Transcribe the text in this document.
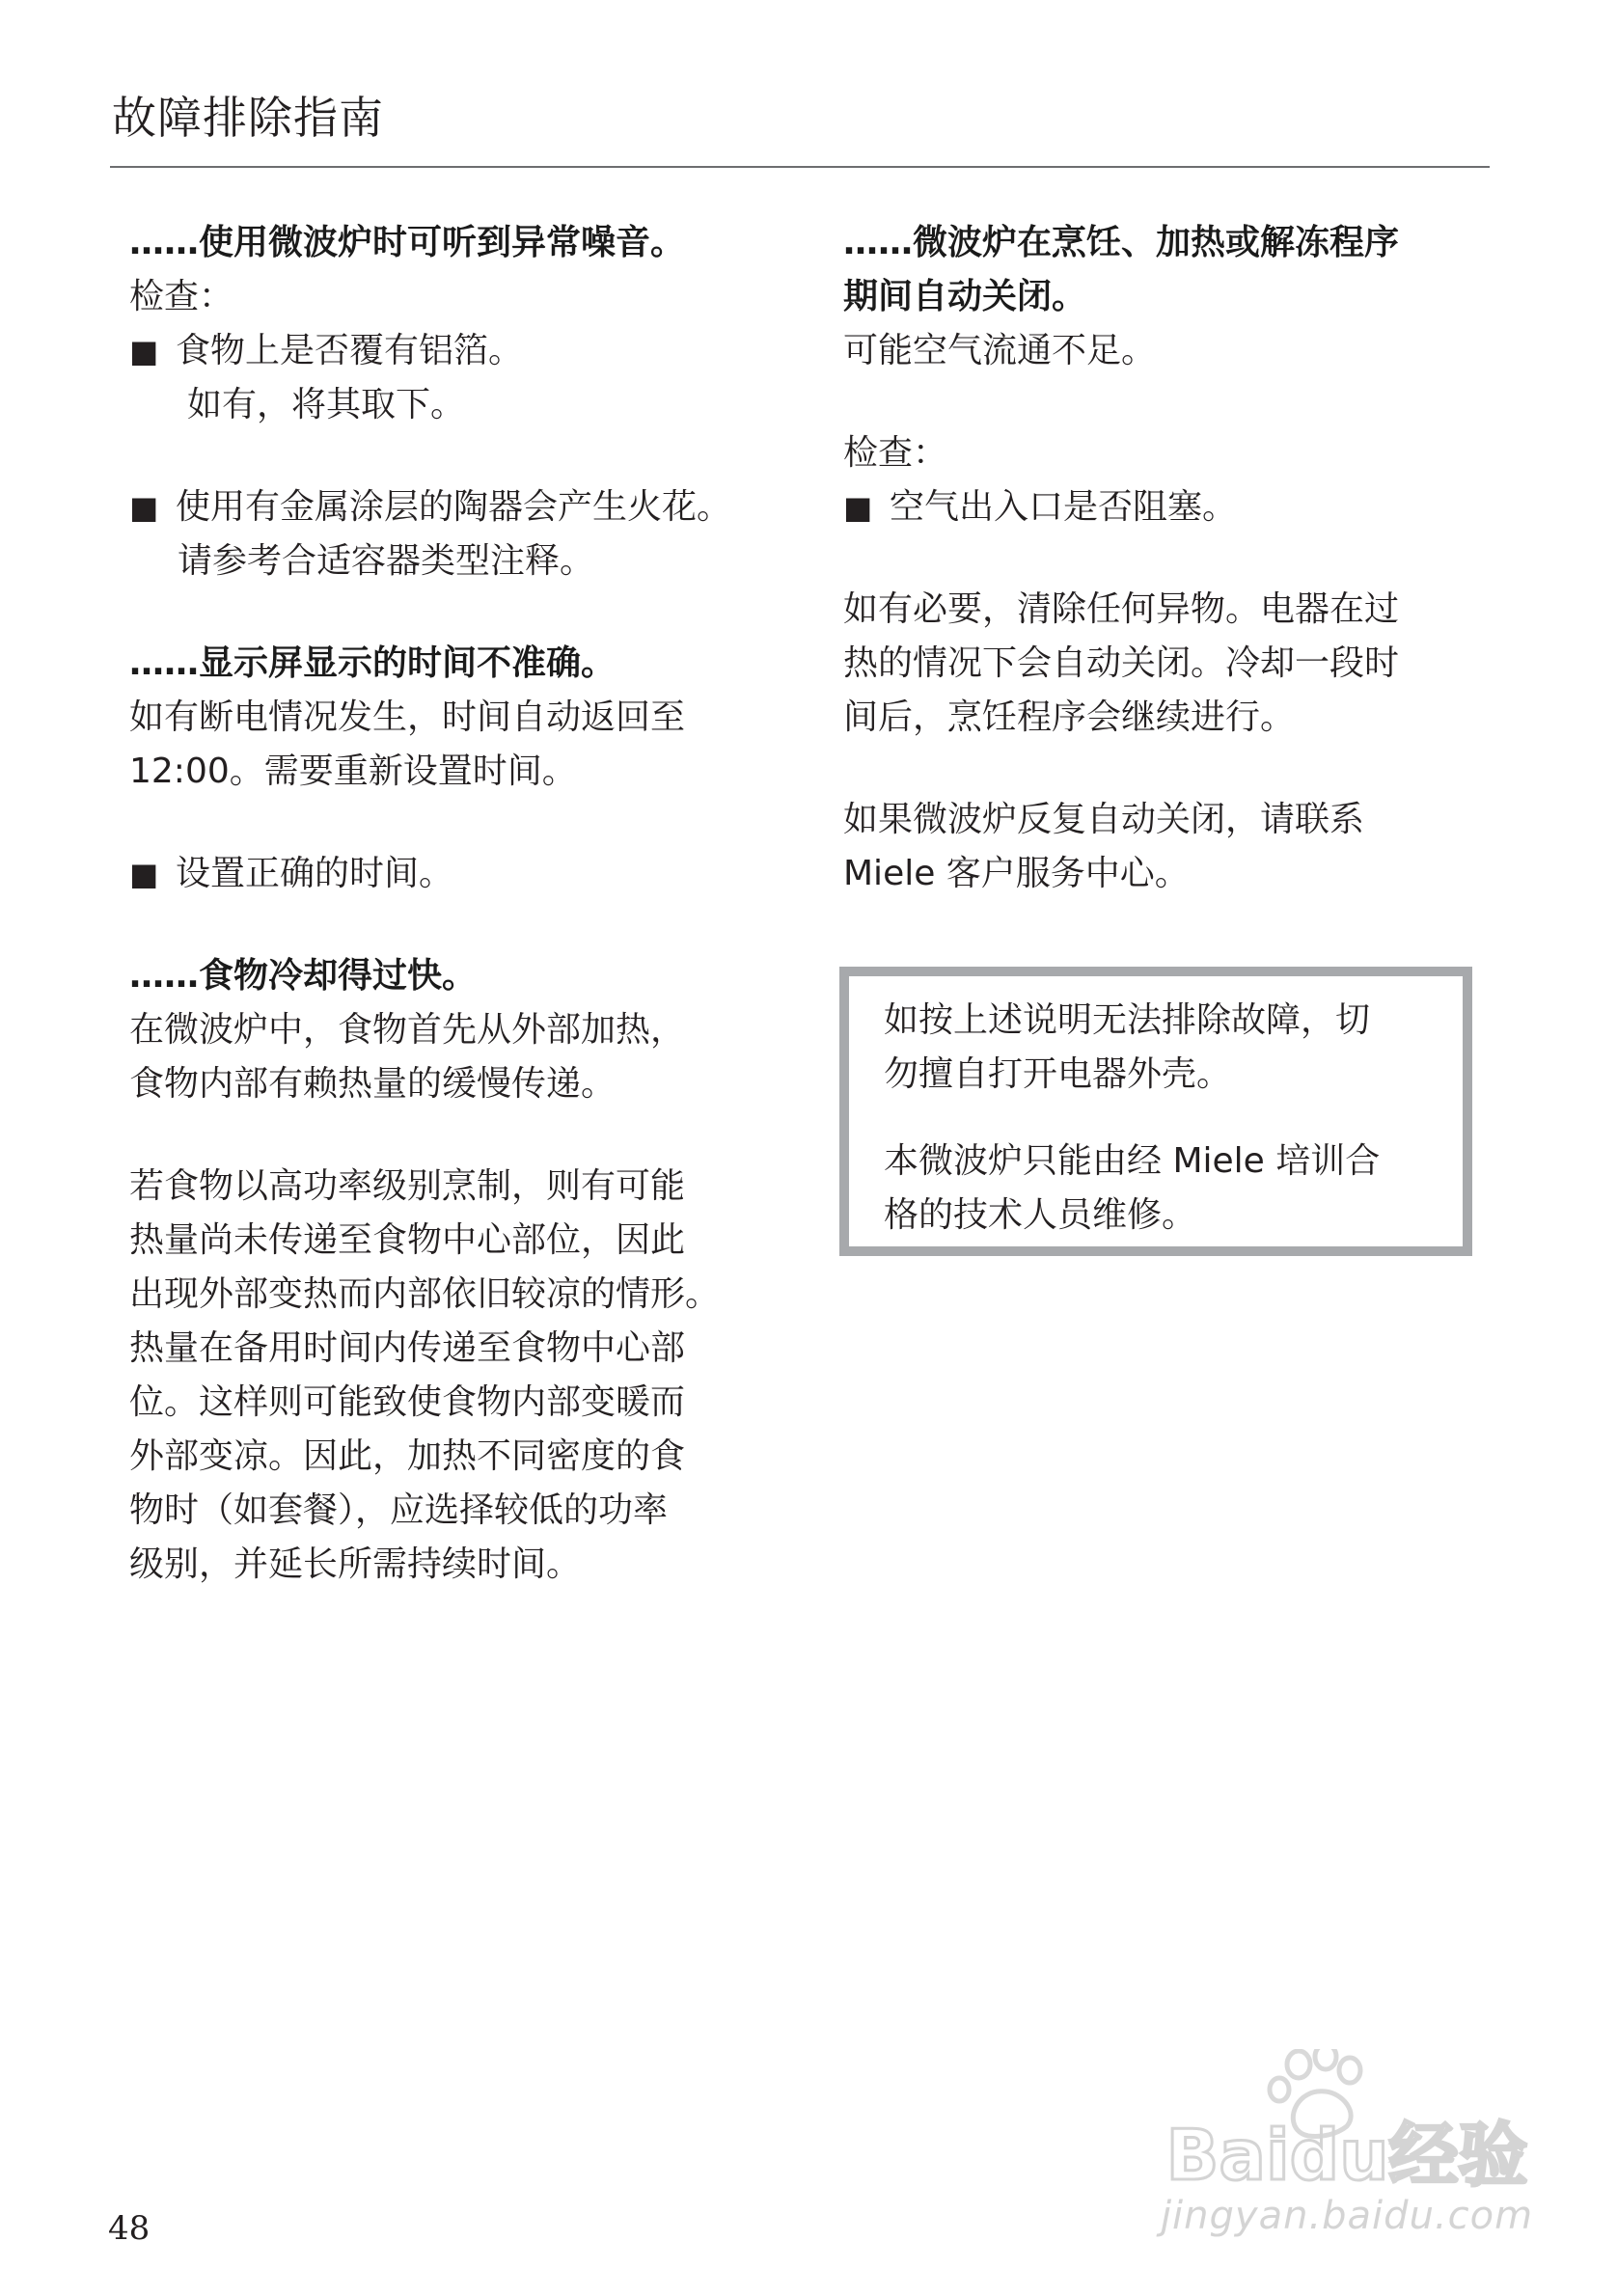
故障排除指南

……使用微波炉时可听到异常噪音。

检查：

■ 食物上是否覆有铝箔。

如有，将其取下。

■ 使用有金属涂层的陶器会产生火花。

请参考合适容器类型注释。

……显示屏显示的时间不准确。

如有断电情况发生，时间自动返回至

12:00。需要重新设置时间。

■ 设置正确的时间。

……食物冷却得过快。

在微波炉中，食物首先从外部加热，

食物内部有赖热量的缓慢传递。

若食物以高功率级别烹制，则有可能

热量尚未传递至食物中心部位，因此

出现外部变热而内部依旧较凉的情形。

热量在备用时间内传递至食物中心部

位。这样则可能致使食物内部变暖而

外部变凉。因此，加热不同密度的食

物时（如套餐），应选择较低的功率

级别，并延长所需持续时间。

……微波炉在烹饪、加热或解冻程序

期间自动关闭。

可能空气流通不足。

检查：

■ 空气出入口是否阻塞。

如有必要，清除任何异物。电器在过

热的情况下会自动关闭。冷却一段时

间后，烹饪程序会继续进行。

如果微波炉反复自动关闭，请联系

Miele 客户服务中心。

如按上述说明无法排除故障，切

勿擅自打开电器外壳。

本微波炉只能由经 Miele 培训合

格的技术人员维修。

48
Baidu经验
jingyan.baidu.com
